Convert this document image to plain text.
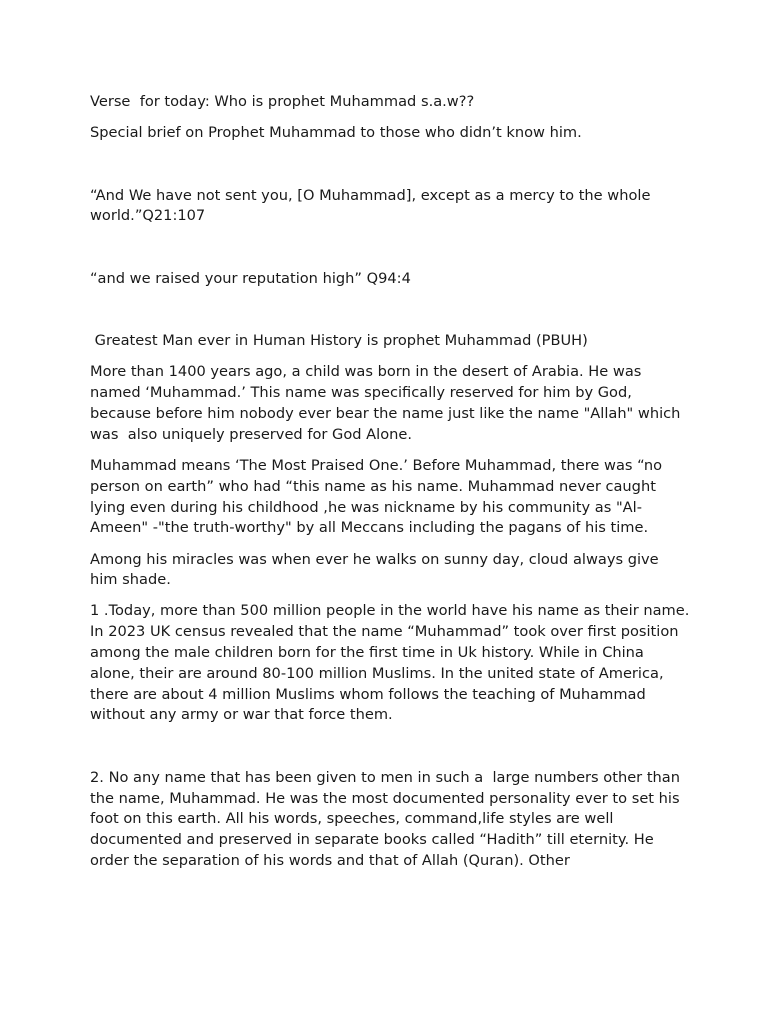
Verse  for today: Who is prophet Muhammad s.a.w??

Special brief on Prophet Muhammad to those who didn’t know him.

“And We have not sent you, [O Muhammad], except as a mercy to the whole world.”Q21:107

“and we raised your reputation high” Q94:4

Greatest Man ever in Human History is prophet Muhammad (PBUH)

More than 1400 years ago, a child was born in the desert of Arabia. He was named ‘Muhammad.’ This name was specifically reserved for him by God, because before him nobody ever bear the name just like the name "Allah" which was  also uniquely preserved for God Alone.

Muhammad means ‘The Most Praised One.’ Before Muhammad, there was “no person on earth” who had “this name as his name. Muhammad never caught lying even during his childhood ,he was nickname by his community as "Al-Ameen" -"the truth-worthy" by all Meccans including the pagans of his time.

Among his miracles was when ever he walks on sunny day, cloud always give him shade.

1 .Today, more than 500 million people in the world have his name as their name. In 2023 UK census revealed that the name “Muhammad” took over first position among the male children born for the first time in Uk history. While in China alone, their are around 80-100 million Muslims. In the united state of America, there are about 4 million Muslims whom follows the teaching of Muhammad without any army or war that force them.

2. No any name that has been given to men in such a  large numbers other than the name, Muhammad. He was the most documented personality ever to set his foot on this earth. All his words, speeches, command,life styles are well documented and preserved in separate books called “Hadith” till eternity. He order the separation of his words and that of Allah (Quran). Other
